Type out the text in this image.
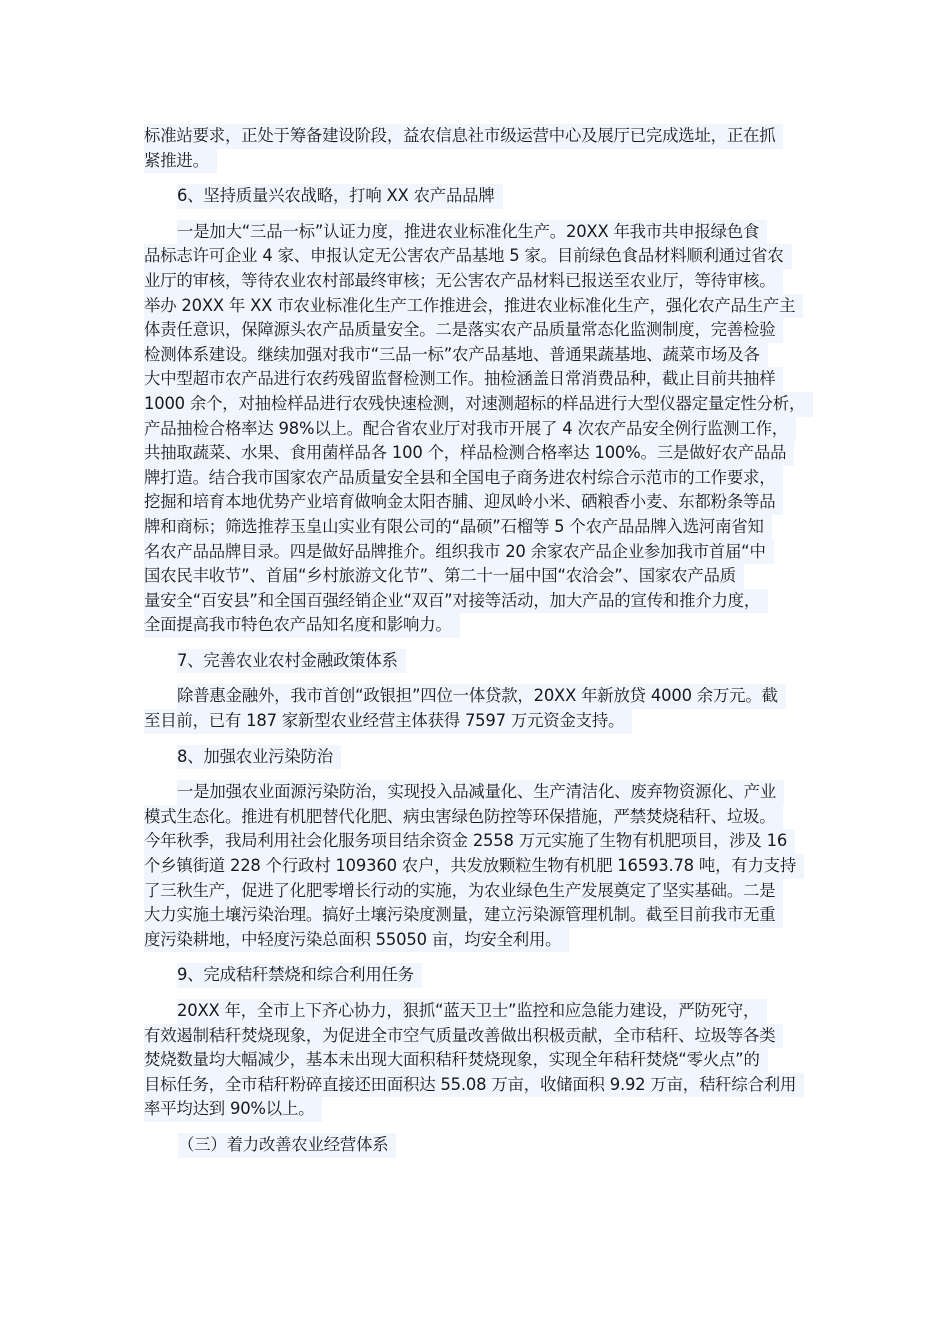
标准站要求，正处于筹备建设阶段，益农信息社市级运营中心及展厅已完成选址，正在抓
紧推进。
6、坚持质量兴农战略，打响 XX 农产品品牌
一是加大“三品一标”认证力度，推进农业标准化生产。20XX 年我市共申报绿色食
品标志许可企业 4 家、申报认定无公害农产品基地 5 家。目前绿色食品材料顺利通过省农
业厅的审核，等待农业农村部最终审核；无公害农产品材料已报送至农业厅，等待审核。
举办 20XX 年 XX 市农业标准化生产工作推进会，推进农业标准化生产，强化农产品生产主
体责任意识，保障源头农产品质量安全。二是落实农产品质量常态化监测制度，完善检验
检测体系建设。继续加强对我市“三品一标”农产品基地、普通果蔬基地、蔬菜市场及各
大中型超市农产品进行农药残留监督检测工作。抽检涵盖日常消费品种，截止目前共抽样
1000 余个，对抽检样品进行农残快速检测，对速测超标的样品进行大型仪器定量定性分析，
产品抽检合格率达 98%以上。配合省农业厅对我市开展了 4 次农产品安全例行监测工作，
共抽取蔬菜、水果、食用菌样品各 100 个，样品检测合格率达 100%。三是做好农产品品
牌打造。结合我市国家农产品质量安全县和全国电子商务进农村综合示范市的工作要求，
挖掘和培育本地优势产业培育做响金太阳杏脯、迎凤岭小米、硒粮香小麦、东都粉条等品
牌和商标；筛选推荐玉皇山实业有限公司的“晶硕”石榴等 5 个农产品品牌入选河南省知
名农产品品牌目录。四是做好品牌推介。组织我市 20 余家农产品企业参加我市首届“中
国农民丰收节”、首届“乡村旅游文化节”、第二十一届中国“农洽会”、国家农产品质
量安全“百安县”和全国百强经销企业“双百”对接等活动，加大产品的宣传和推介力度，
全面提高我市特色农产品知名度和影响力。
7、完善农业农村金融政策体系
除普惠金融外，我市首创“政银担”四位一体贷款，20XX 年新放贷 4000 余万元。截
至目前，已有 187 家新型农业经营主体获得 7597 万元资金支持。
8、加强农业污染防治
一是加强农业面源污染防治，实现投入品减量化、生产清洁化、废弃物资源化、产业
模式生态化。推进有机肥替代化肥、病虫害绿色防控等环保措施，严禁焚烧秸秆、垃圾。
今年秋季，我局利用社会化服务项目结余资金 2558 万元实施了生物有机肥项目，涉及 16
个乡镇街道 228 个行政村 109360 农户，共发放颗粒生物有机肥 16593.78 吨，有力支持
了三秋生产，促进了化肥零增长行动的实施，为农业绿色生产发展奠定了坚实基础。二是
大力实施土壤污染治理。搞好土壤污染度测量，建立污染源管理机制。截至目前我市无重
度污染耕地，中轻度污染总面积 55050 亩，均安全利用。
9、完成秸秆禁烧和综合利用任务
20XX 年，全市上下齐心协力，狠抓“蓝天卫士”监控和应急能力建设，严防死守，
有效遏制秸秆焚烧现象，为促进全市空气质量改善做出积极贡献，全市秸秆、垃圾等各类
焚烧数量均大幅减少，基本未出现大面积秸秆焚烧现象，实现全年秸秆焚烧“零火点”的
目标任务，全市秸秆粉碎直接还田面积达 55.08 万亩，收储面积 9.92 万亩，秸秆综合利用
率平均达到 90%以上。
（三）着力改善农业经营体系
